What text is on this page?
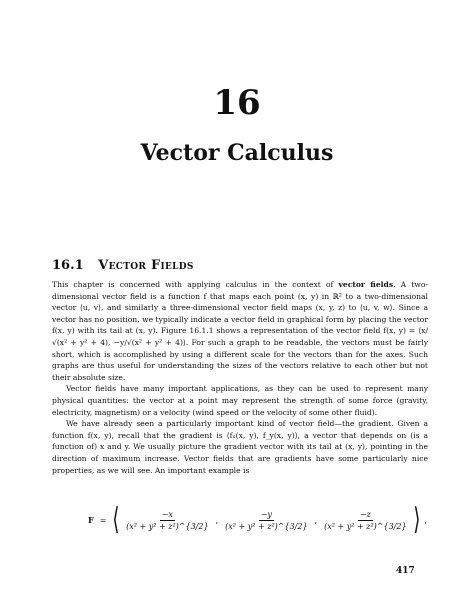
16
Vector Calculus
16.1 Vector Fields

This chapter is concerned with applying calculus in the context of vector fields. A two-dimensional vector field is a function f that maps each point (x, y) in ℝ² to a two-dimensional vector ⟨u, v⟩, and similarly a three-dimensional vector field maps (x, y, z) to ⟨u, v, w⟩. Since a vector has no position, we typically indicate a vector field in graphical form by placing the vector f(x, y) with its tail at (x, y). Figure 16.1.1 shows a representation of the vector field f(x, y) = ⟨x/√(x² + y² + 4), −y/√(x² + y² + 4)⟩. For such a graph to be readable, the vectors must be fairly short, which is accomplished by using a different scale for the vectors than for the axes. Such graphs are thus useful for understanding the sizes of the vectors relative to each other but not their absolute size.

Vector fields have many important applications, as they can be used to represent many physical quantities: the vector at a point may represent the strength of some force (gravity, electricity, magnetism) or a velocity (wind speed or the velocity of some other fluid).

We have already seen a particularly important kind of vector field—the gradient. Given a function f(x, y), recall that the gradient is ⟨fₓ(x, y), f_y(x, y)⟩, a vector that depends on (is a function of) x and y. We usually picture the gradient vector with its tail at (x, y), pointing in the direction of maximum increase. Vector fields that are gradients have some particularly nice properties, as we will see. An important example is

F = ⟨ $\frac{-x}{\text{(x² + y² + z²)\textasciicircum{}\{3/2\}}}$ , $\frac{-y}{\text{(x² + y² + z²)\textasciicircum{}\{3/2\}}}$ , $\frac{-z}{\text{(x² + y² + z²)\textasciicircum{}\{3/2\}}}$ ⟩ ,
417
